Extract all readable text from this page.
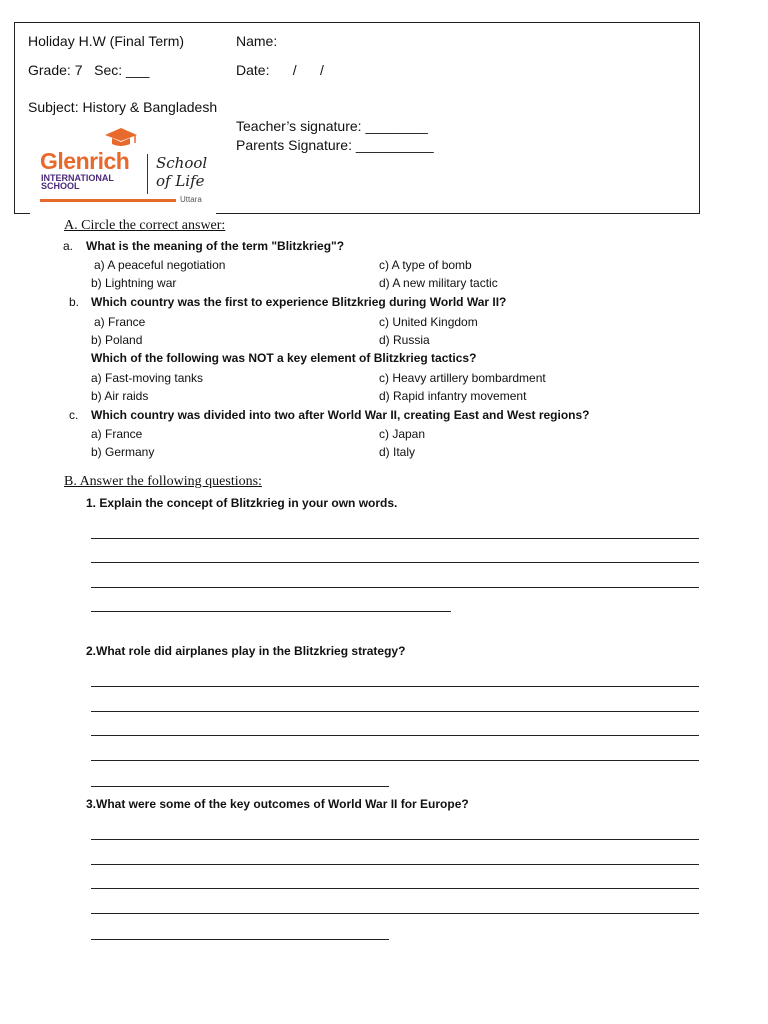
Holiday H.W (Final Term)	Name:
Grade: 7   Sec: ___	Date:      /      /
Subject: History & Bangladesh
Teacher’s signature: ________
Parents Signature: __________
Glenrich
INTERNATIONAL
SCHOOL
School
of Life
Uttara
A. Circle the correct answer:
a. What is the meaning of the term "Blitzkrieg"?
a) A peaceful negotiation
b) Lightning war
c) A type of bomb
d) A new military tactic
b. Which country was the first to experience Blitzkrieg during World War II?
a) France
b) Poland
c) United Kingdom
d) Russia
Which of the following was NOT a key element of Blitzkrieg tactics?
a) Fast-moving tanks
b) Air raids
c) Heavy artillery bombardment
d) Rapid infantry movement
c. Which country was divided into two after World War II, creating East and West regions?
a) France
b) Germany
c) Japan
d) Italy
B. Answer the following questions:
1. Explain the concept of Blitzkrieg in your own words.
2.What role did airplanes play in the Blitzkrieg strategy?
3.What were some of the key outcomes of World War II for Europe?
